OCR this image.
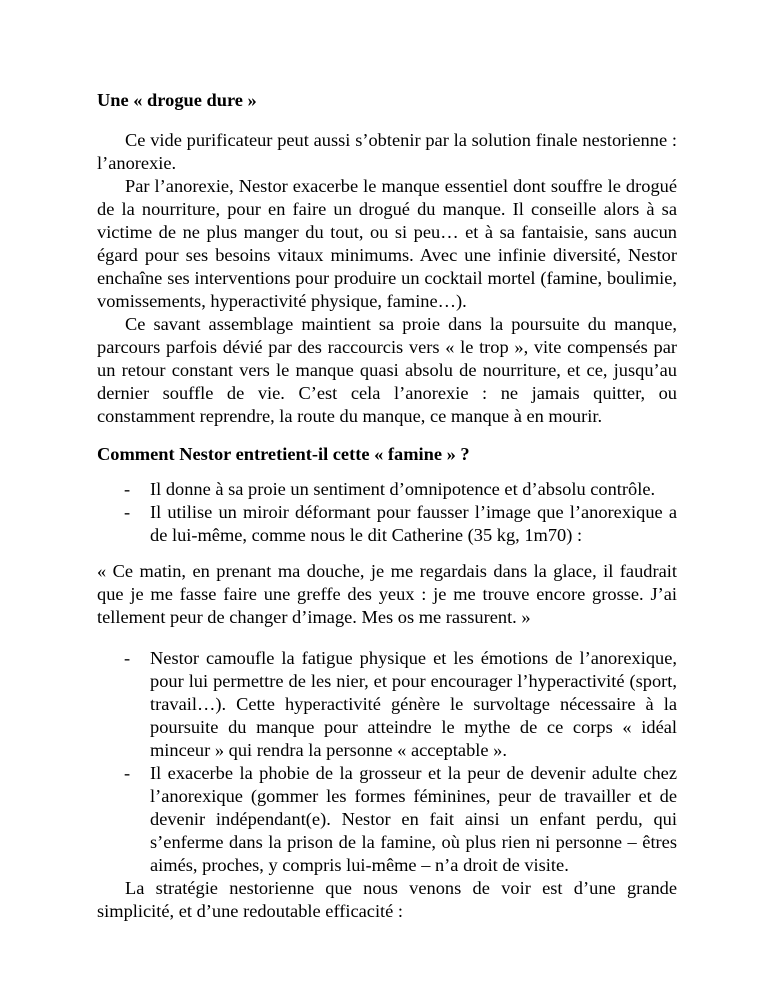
Une « drogue dure »

Ce vide purificateur peut aussi s’obtenir par la solution finale nestorienne : l’anorexie.

Par l’anorexie, Nestor exacerbe le manque essentiel dont souffre le drogué de la nourriture, pour en faire un drogué du manque. Il conseille alors à sa victime de ne plus manger du tout, ou si peu… et à sa fantaisie, sans aucun égard pour ses besoins vitaux minimums. Avec une infinie diversité, Nestor enchaîne ses interventions pour produire un cocktail mortel (famine, boulimie, vomissements, hyperactivité physique, famine…).

Ce savant assemblage maintient sa proie dans la poursuite du manque, parcours parfois dévié par des raccourcis vers « le trop », vite compensés par un retour constant vers le manque quasi absolu de nourriture, et ce, jusqu’au dernier souffle de vie. C’est cela l’anorexie : ne jamais quitter, ou constamment reprendre, la route du manque, ce manque à en mourir.

Comment Nestor entretient-il cette « famine » ?

- Il donne à sa proie un sentiment d’omnipotence et d’absolu contrôle.
- Il utilise un miroir déformant pour fausser l’image que l’anorexique a de lui-même, comme nous le dit Catherine (35 kg, 1m70) :

« Ce matin, en prenant ma douche, je me regardais dans la glace, il faudrait que je me fasse faire une greffe des yeux : je me trouve encore grosse. J’ai tellement peur de changer d’image. Mes os me rassurent. »

- Nestor camoufle la fatigue physique et les émotions de l’anorexique, pour lui permettre de les nier, et pour encourager l’hyperactivité (sport, travail…). Cette hyperactivité génère le survoltage nécessaire à la poursuite du manque pour atteindre le mythe de ce corps « idéal minceur » qui rendra la personne « acceptable ».
- Il exacerbe la phobie de la grosseur et la peur de devenir adulte chez l’anorexique (gommer les formes féminines, peur de travailler et de devenir indépendant(e). Nestor en fait ainsi un enfant perdu, qui s’enferme dans la prison de la famine, où plus rien ni personne – êtres aimés, proches, y compris lui-même – n’a droit de visite.

La stratégie nestorienne que nous venons de voir est d’une grande simplicité, et d’une redoutable efficacité :
